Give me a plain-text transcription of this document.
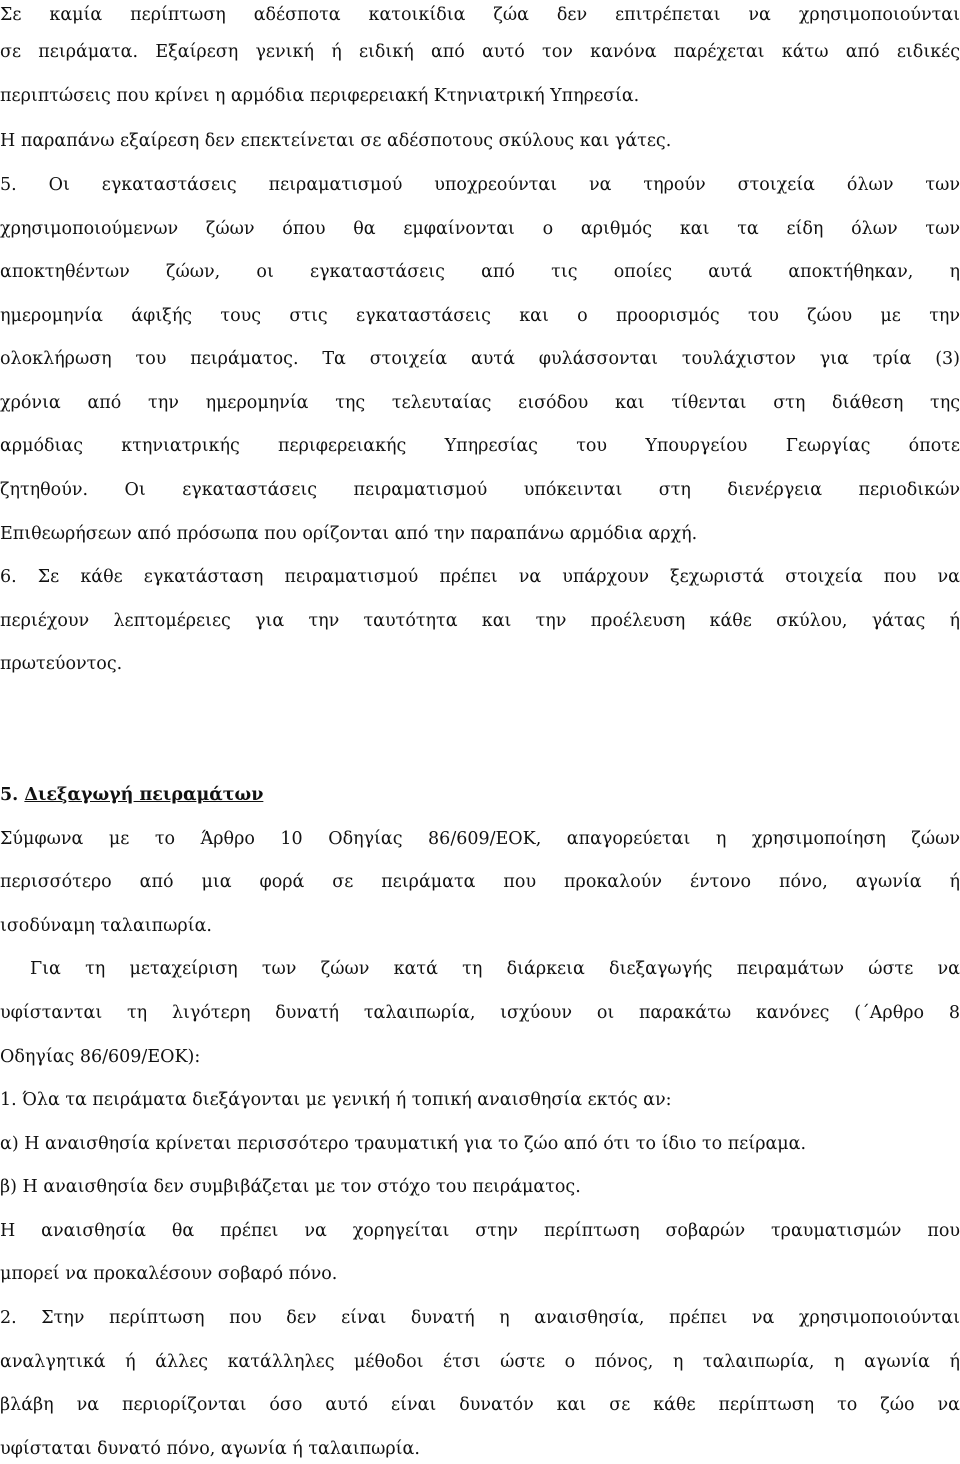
Σε καμία περίπτωση αδέσποτα κατοικίδια ζώα δεν επιτρέπεται να χρησιμοποιούνται
σε πειράματα. Εξαίρεση γενική ή ειδική από αυτό τον κανόνα παρέχεται κάτω από ειδικές
περιπτώσεις που κρίνει η αρμόδια περιφερειακή Κτηνιατρική Υπηρεσία.
Η παραπάνω εξαίρεση δεν επεκτείνεται σε αδέσποτους σκύλους και γάτες.
5. Οι εγκαταστάσεις πειραματισμού υποχρεούνται να τηρούν στοιχεία όλων των
χρησιμοποιούμενων ζώων όπου θα εμφαίνονται ο αριθμός και τα είδη όλων των
αποκτηθέντων ζώων, οι εγκαταστάσεις από τις οποίες αυτά αποκτήθηκαν, η
ημερομηνία άφιξής τους στις εγκαταστάσεις και ο προορισμός του ζώου με την
ολοκλήρωση του πειράματος. Τα στοιχεία αυτά φυλάσσονται τουλάχιστον για τρία (3)
χρόνια από την ημερομηνία της τελευταίας εισόδου και τίθενται στη διάθεση της
αρμόδιας κτηνιατρικής περιφερειακής Υπηρεσίας του Υπουργείου Γεωργίας όποτε
ζητηθούν. Οι εγκαταστάσεις πειραματισμού υπόκεινται στη διενέργεια περιοδικών
Επιθεωρήσεων από πρόσωπα που ορίζονται από την παραπάνω αρμόδια αρχή.
6. Σε κάθε εγκατάσταση πειραματισμού πρέπει να υπάρχουν ξεχωριστά στοιχεία που να
περιέχουν λεπτομέρειες για την ταυτότητα και την προέλευση κάθε σκύλου, γάτας ή
πρωτεύοντος.
5. Διεξαγωγή πειραμάτων
Σύμφωνα με το Άρθρο 10 Οδηγίας 86/609/ΕΟΚ, απαγορεύεται η χρησιμοποίηση ζώων
περισσότερο από μια φορά σε πειράματα που προκαλούν έντονο πόνο, αγωνία ή
ισοδύναμη ταλαιπωρία.
Για τη μεταχείριση των ζώων κατά τη διάρκεια διεξαγωγής πειραμάτων ώστε να
υφίστανται τη λιγότερη δυνατή ταλαιπωρία, ισχύουν οι παρακάτω κανόνες (΄Αρθρο 8
Οδηγίας 86/609/ΕΟΚ):
1. Όλα τα πειράματα διεξάγονται με γενική ή τοπική αναισθησία εκτός αν:
α) Η αναισθησία κρίνεται περισσότερο τραυματική για το ζώο από ότι το ίδιο το πείραμα.
β) Η αναισθησία δεν συμβιβάζεται με τον στόχο του πειράματος.
Η αναισθησία θα πρέπει να χορηγείται στην περίπτωση σοβαρών τραυματισμών που
μπορεί να προκαλέσουν σοβαρό πόνο.
2. Στην περίπτωση που δεν είναι δυνατή η αναισθησία, πρέπει να χρησιμοποιούνται
αναλγητικά ή άλλες κατάλληλες μέθοδοι έτσι ώστε ο πόνος, η ταλαιπωρία, η αγωνία ή
βλάβη να περιορίζονται όσο αυτό είναι δυνατόν και σε κάθε περίπτωση το ζώο να
υφίσταται δυνατό πόνο, αγωνία ή ταλαιπωρία.
